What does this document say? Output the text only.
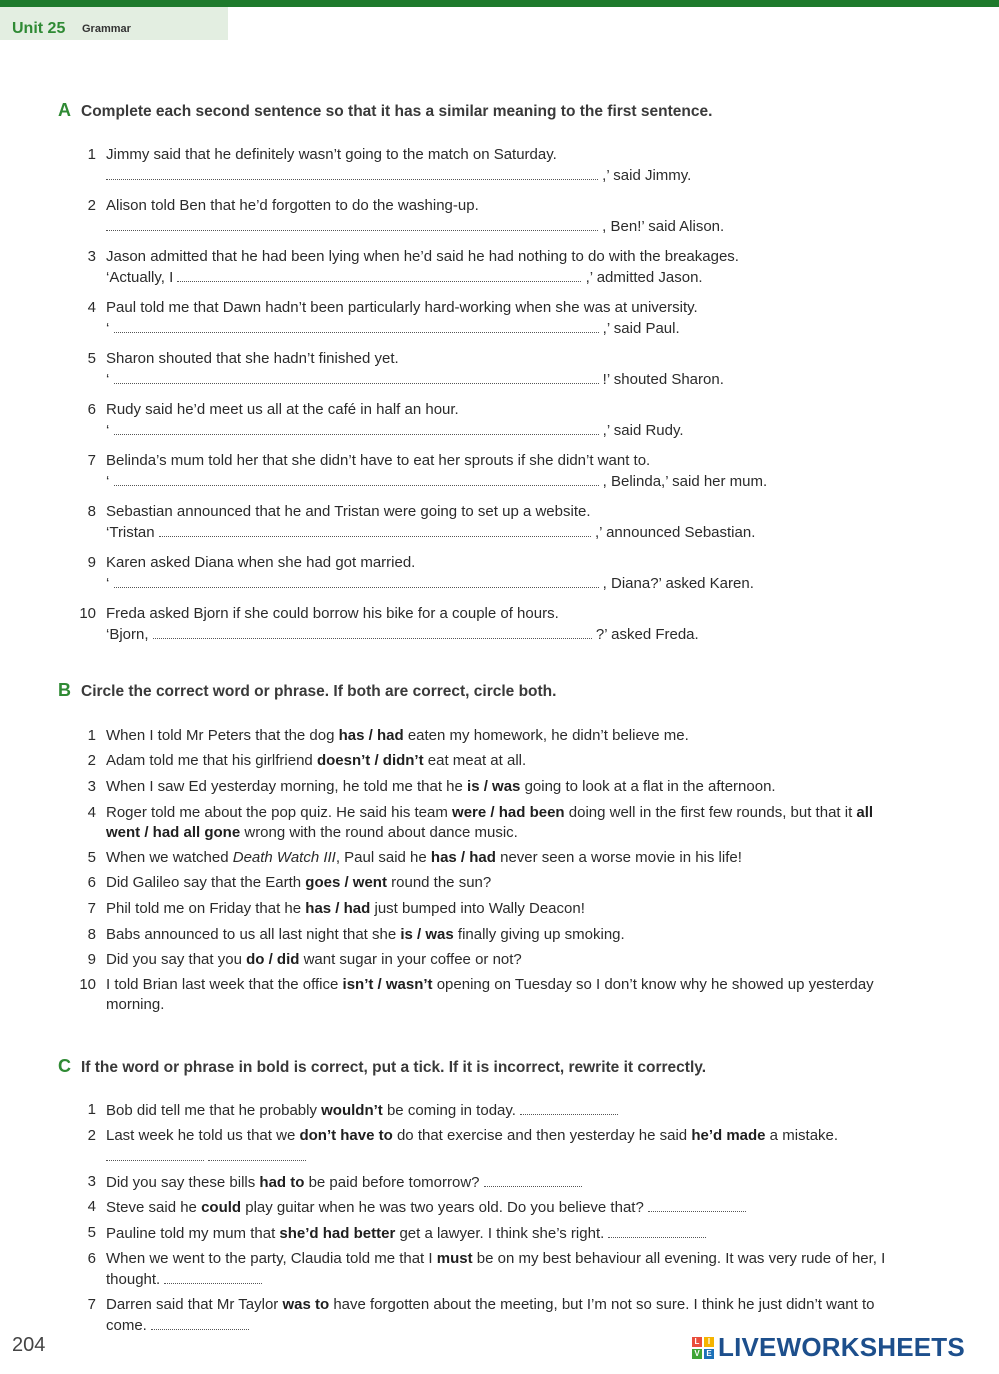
Unit 25 Grammar
A Complete each second sentence so that it has a similar meaning to the first sentence.
1 Jimmy said that he definitely wasn’t going to the match on Saturday.
,’ said Jimmy.
2 Alison told Ben that he’d forgotten to do the washing-up.
, Ben!’ said Alison.
3 Jason admitted that he had been lying when he’d said he had nothing to do with the breakages.
‘Actually, I	,’ admitted Jason.
4 Paul told me that Dawn hadn’t been particularly hard-working when she was at university.
‘	,’ said Paul.
5 Sharon shouted that she hadn’t finished yet.
‘	!’ shouted Sharon.
6 Rudy said he’d meet us all at the café in half an hour.
‘	,’ said Rudy.
7 Belinda’s mum told her that she didn’t have to eat her sprouts if she didn’t want to.
‘	, Belinda,’ said her mum.
8 Sebastian announced that he and Tristan were going to set up a website.
‘Tristan	,’ announced Sebastian.
9 Karen asked Diana when she had got married.
‘	, Diana?’ asked Karen.
10 Freda asked Bjorn if she could borrow his bike for a couple of hours.
‘Bjorn,	?’ asked Freda.
B Circle the correct word or phrase. If both are correct, circle both.
1 When I told Mr Peters that the dog has / had eaten my homework, he didn’t believe me.
2 Adam told me that his girlfriend doesn’t / didn’t eat meat at all.
3 When I saw Ed yesterday morning, he told me that he is / was going to look at a flat in the afternoon.
4 Roger told me about the pop quiz. He said his team were / had been doing well in the first few rounds, but that it all went / had all gone wrong with the round about dance music.
5 When we watched Death Watch III, Paul said he has / had never seen a worse movie in his life!
6 Did Galileo say that the Earth goes / went round the sun?
7 Phil told me on Friday that he has / had just bumped into Wally Deacon!
8 Babs announced to us all last night that she is / was finally giving up smoking.
9 Did you say that you do / did want sugar in your coffee or not?
10 I told Brian last week that the office isn’t / wasn’t opening on Tuesday so I don’t know why he showed up yesterday morning.
C If the word or phrase in bold is correct, put a tick. If it is incorrect, rewrite it correctly.
1 Bob did tell me that he probably wouldn’t be coming in today.
2 Last week he told us that we don’t have to do that exercise and then yesterday he said he’d made a mistake.
3 Did you say these bills had to be paid before tomorrow?
4 Steve said he could play guitar when he was two years old. Do you believe that?
5 Pauline told my mum that she’d had better get a lawyer. I think she’s right.
6 When we went to the party, Claudia told me that I must be on my best behaviour all evening. It was very rude of her, I thought.
7 Darren said that Mr Taylor was to have forgotten about the meeting, but I’m not so sure. I think he just didn’t want to come.
204	L	I
V E LIVEWORKSHEETS
